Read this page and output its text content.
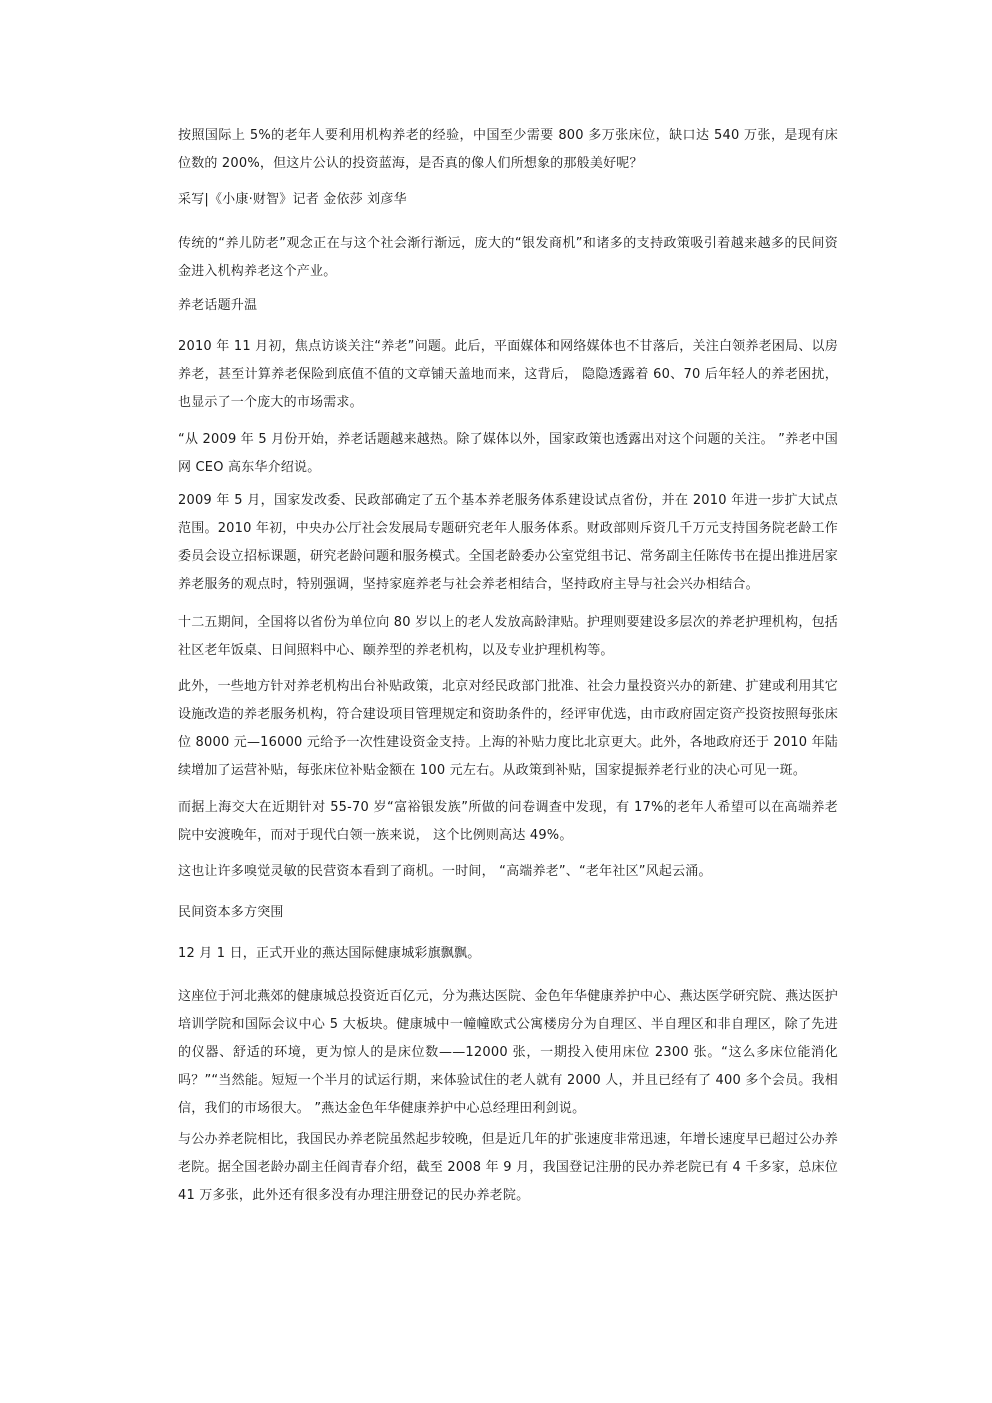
按照国际上 5%的老年人要利用机构养老的经验，中国至少需要 800 多万张床位，缺口达 540 万张，是现有床位数的 200%，但这片公认的投资蓝海，是否真的像人们所想象的那般美好呢？

采写|《小康·财智》记者 金依莎 刘彦华

传统的“养儿防老”观念正在与这个社会渐行渐远，庞大的“银发商机”和诸多的支持政策吸引着越来越多的民间资金进入机构养老这个产业。

养老话题升温

2010 年 11 月初，焦点访谈关注“养老”问题。此后，平面媒体和网络媒体也不甘落后，关注白领养老困局、以房养老，甚至计算养老保险到底值不值的文章铺天盖地而来，这背后， 隐隐透露着 60、70 后年轻人的养老困扰，也显示了一个庞大的市场需求。

“从 2009 年 5 月份开始，养老话题越来越热。除了媒体以外，国家政策也透露出对这个问题的关注。 ”养老中国网 CEO 高东华介绍说。

2009 年 5 月，国家发改委、民政部确定了五个基本养老服务体系建设试点省份，并在 2010 年进一步扩大试点范围。2010 年初，中央办公厅社会发展局专题研究老年人服务体系。财政部则斥资几千万元支持国务院老龄工作委员会设立招标课题，研究老龄问题和服务模式。全国老龄委办公室党组书记、常务副主任陈传书在提出推进居家养老服务的观点时，特别强调，坚持家庭养老与社会养老相结合，坚持政府主导与社会兴办相结合。

十二五期间，全国将以省份为单位向 80 岁以上的老人发放高龄津贴。护理则要建设多层次的养老护理机构，包括社区老年饭桌、日间照料中心、颐养型的养老机构，以及专业护理机构等。

此外，一些地方针对养老机构出台补贴政策，北京对经民政部门批准、社会力量投资兴办的新建、扩建或利用其它设施改造的养老服务机构，符合建设项目管理规定和资助条件的，经评审优选，由市政府固定资产投资按照每张床位 8000 元—16000 元给予一次性建设资金支持。上海的补贴力度比北京更大。此外，各地政府还于 2010 年陆续增加了运营补贴，每张床位补贴金额在 100 元左右。从政策到补贴，国家提振养老行业的决心可见一斑。

而据上海交大在近期针对 55-70 岁“富裕银发族”所做的问卷调查中发现，有 17%的老年人希望可以在高端养老院中安渡晚年，而对于现代白领一族来说， 这个比例则高达 49%。

这也让许多嗅觉灵敏的民营资本看到了商机。一时间， “高端养老”、“老年社区”风起云涌。

民间资本多方突围

12 月 1 日，正式开业的燕达国际健康城彩旗飘飘。

这座位于河北燕郊的健康城总投资近百亿元，分为燕达医院、金色年华健康养护中心、燕达医学研究院、燕达医护培训学院和国际会议中心 5 大板块。健康城中一幢幢欧式公寓楼房分为自理区、半自理区和非自理区，除了先进的仪器、舒适的环境，更为惊人的是床位数——12000 张，一期投入使用床位 2300 张。“这么多床位能消化吗？”“当然能。短短一个半月的试运行期，来体验试住的老人就有 2000 人，并且已经有了 400 多个会员。我相信，我们的市场很大。 ”燕达金色年华健康养护中心总经理田利剑说。

与公办养老院相比，我国民办养老院虽然起步较晚，但是近几年的扩张速度非常迅速，年增长速度早已超过公办养老院。据全国老龄办副主任阎青春介绍，截至 2008 年 9 月，我国登记注册的民办养老院已有 4 千多家，总床位 41 万多张，此外还有很多没有办理注册登记的民办养老院。
